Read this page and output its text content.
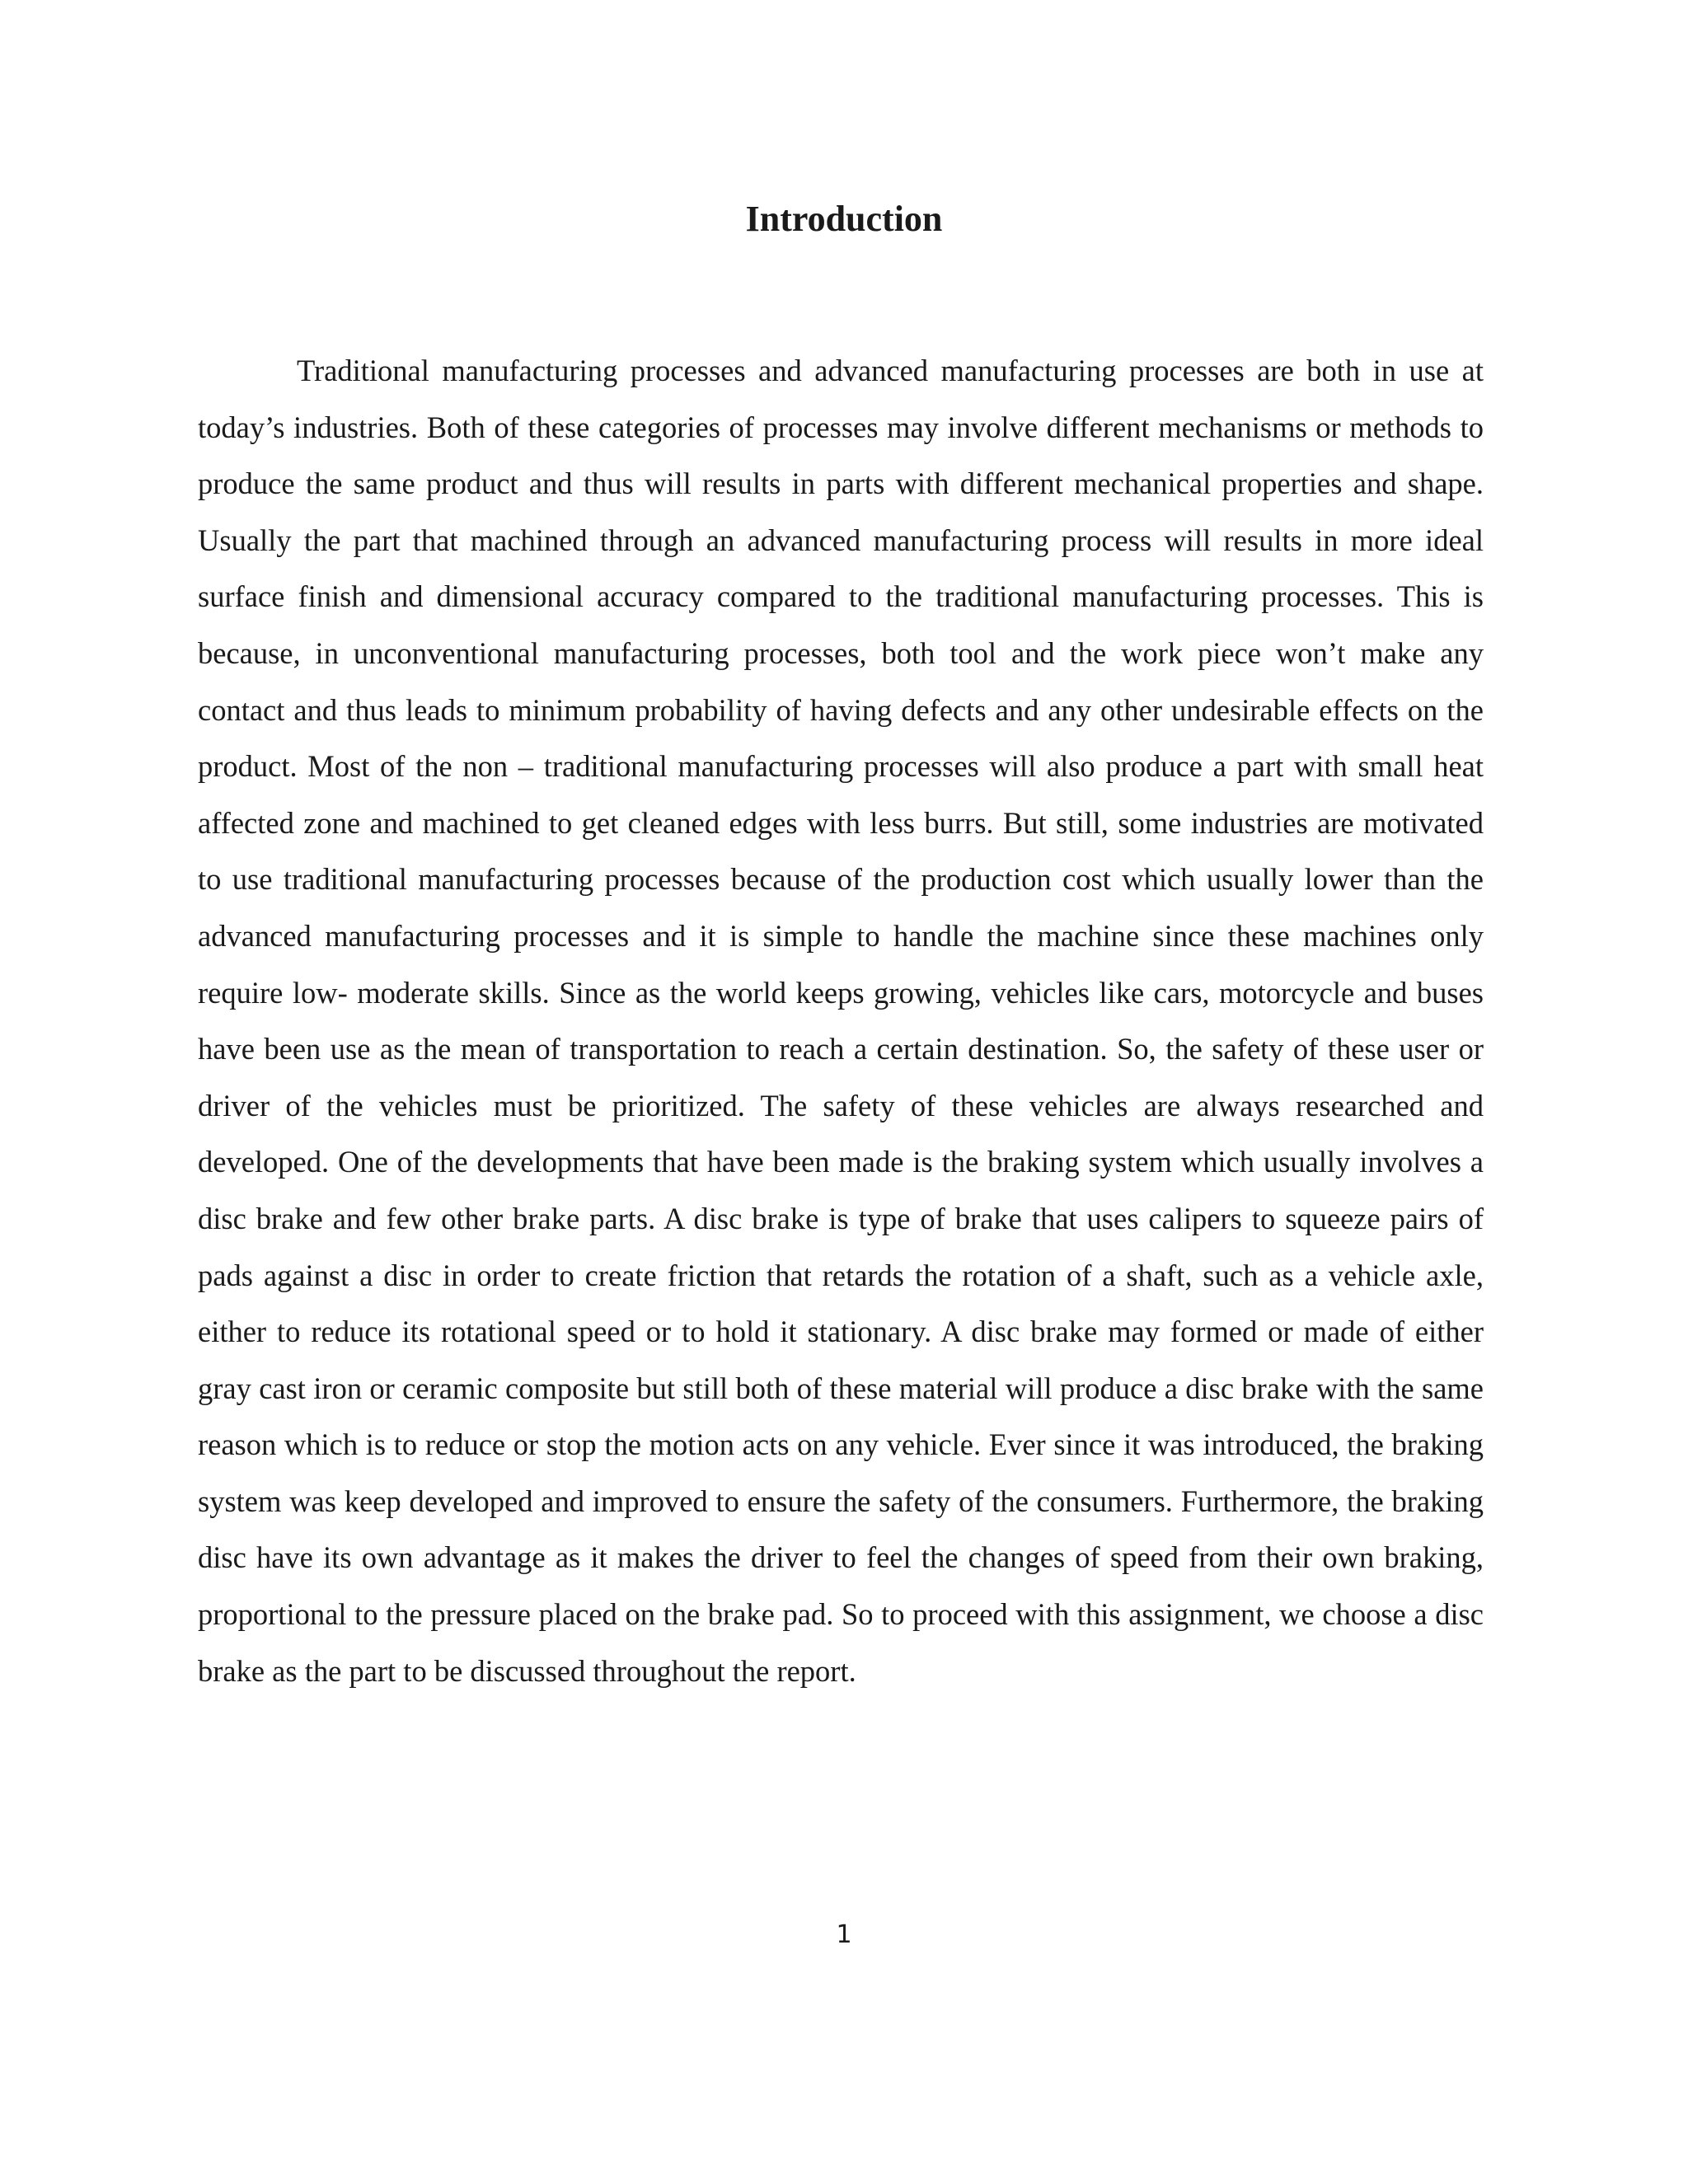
Introduction

Traditional manufacturing processes and advanced manufacturing processes are both in use at today’s industries. Both of these categories of processes may involve different mechanisms or methods to produce the same product and thus will results in parts with different mechanical properties and shape. Usually the part that machined through an advanced manufacturing process will results in more ideal surface finish and dimensional accuracy compared to the traditional manufacturing processes. This is because, in unconventional manufacturing processes, both tool and the work piece won’t make any contact and thus leads to minimum probability of having defects and any other undesirable effects on the product. Most of the non – traditional manufacturing processes will also produce a part with small heat affected zone and machined to get cleaned edges with less burrs. But still, some industries are motivated to use traditional manufacturing processes because of the production cost which usually lower than the advanced manufacturing processes and it is simple to handle the machine since these machines only require low- moderate skills. Since as the world keeps growing, vehicles like cars, motorcycle and buses have been use as the mean of transportation to reach a certain destination. So, the safety of these user or driver of the vehicles must be prioritized. The safety of these vehicles are always researched and developed. One of the developments that have been made is the braking system which usually involves a disc brake and few other brake parts. A disc brake is type of brake that uses calipers to squeeze pairs of pads against a disc in order to create friction that retards the rotation of a shaft, such as a vehicle axle, either to reduce its rotational speed or to hold it stationary. A disc brake may formed or made of either gray cast iron or ceramic composite but still both of these material will produce a disc brake with the same reason which is to reduce or stop the motion acts on any vehicle. Ever since it was introduced, the braking system was keep developed and improved to ensure the safety of the consumers. Furthermore, the braking disc have its own advantage as it makes the driver to feel the changes of speed from their own braking, proportional to the pressure placed on the brake pad. So to proceed with this assignment, we choose a disc brake as the part to be discussed throughout the report.

1
